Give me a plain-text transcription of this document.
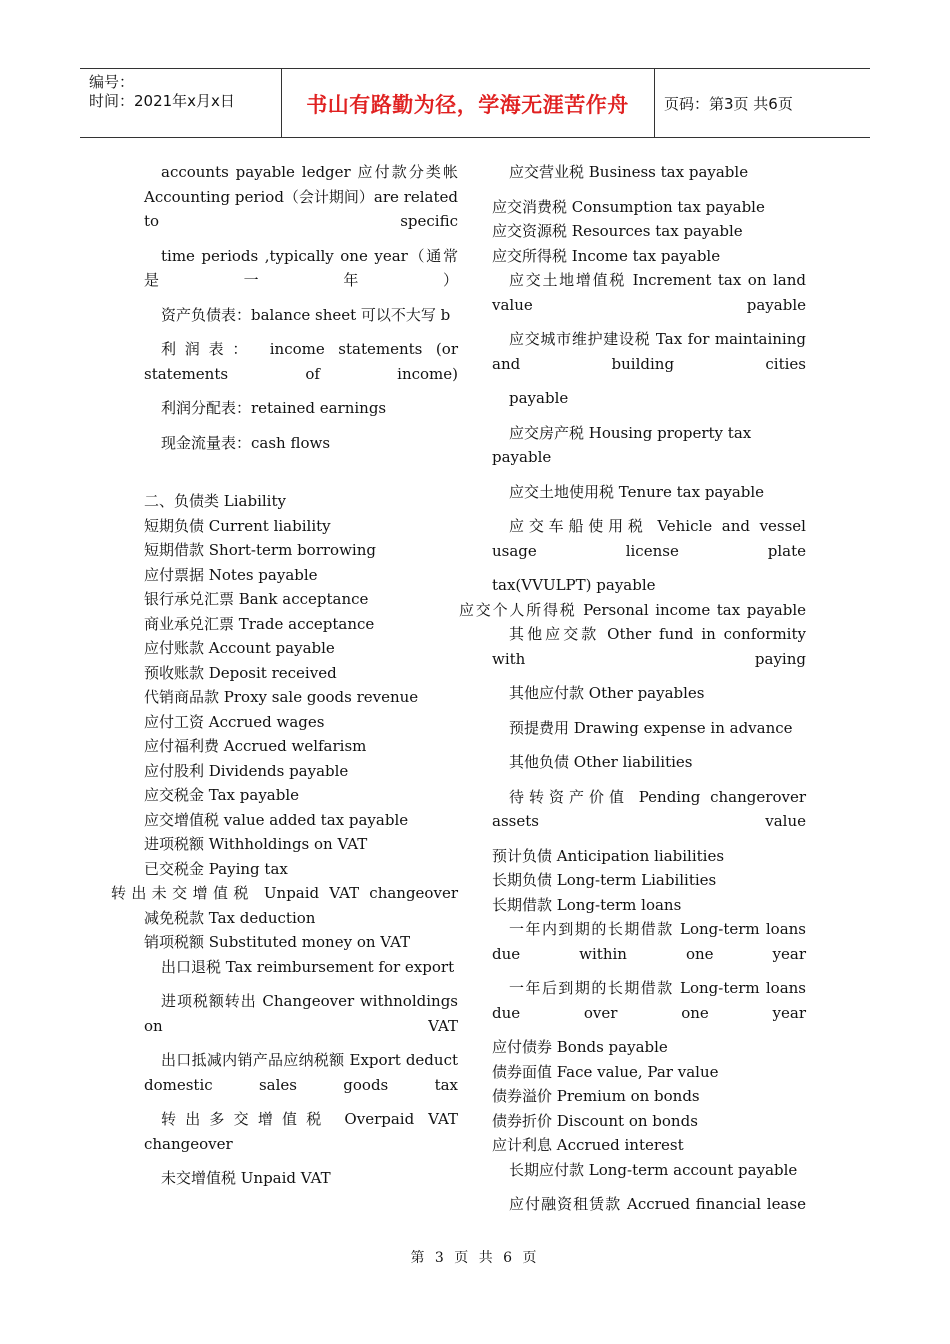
编号：
时间：2021年x月x日	书山有路勤为径，学海无涯苦作舟	页码：第3页 共6页

accounts payable ledger 应付款分类帐 Accounting period（会计期间）are related to specific

time periods ,typically one year（通常是一年）

资产负债表：balance sheet 可以不大写 b

利润表： income statements (or statements of income)

利润分配表：retained earnings

现金流量表：cash flows

二、负债类 Liability

短期负债 Current liability

短期借款 Short-term borrowing

应付票据 Notes payable

银行承兑汇票 Bank acceptance

商业承兑汇票 Trade acceptance

应付账款 Account payable

预收账款 Deposit received

代销商品款 Proxy sale goods revenue

应付工资 Accrued wages

应付福利费 Accrued welfarism

应付股利 Dividends payable

应交税金 Tax payable

应交增值税 value added tax payable

进项税额 Withholdings on VAT

已交税金 Paying tax

转出未交增值税 Unpaid VAT changeover

减免税款 Tax deduction

销项税额 Substituted money on VAT

出口退税 Tax reimbursement for export

进项税额转出 Changeover withnoldings on VAT

出口抵减内销产品应纳税额 Export deduct domestic sales goods tax

转出多交增值税 Overpaid VAT changeover

未交增值税 Unpaid VAT

应交营业税 Business tax payable

应交消费税 Consumption tax payable

应交资源税 Resources tax payable

应交所得税 Income tax payable

应交土地增值税 Increment tax on land value payable

应交城市维护建设税 Tax for maintaining and building cities

payable

应交房产税 Housing property tax payable

应交土地使用税 Tenure tax payable

应交车船使用税 Vehicle and vessel usage license plate

tax(VVULPT) payable

应交个人所得税 Personal income tax payable

其他应交款 Other fund in conformity with paying

其他应付款 Other payables

预提费用 Drawing expense in advance

其他负债 Other liabilities

待转资产价值 Pending changerover assets value

预计负债 Anticipation liabilities

长期负债 Long-term Liabilities

长期借款 Long-term loans

一年内到期的长期借款 Long-term loans due within one year

一年后到期的长期借款 Long-term loans due over one year

应付债券 Bonds payable

债券面值 Face value, Par value

债券溢价 Premium on bonds

债券折价 Discount on bonds

应计利息 Accrued interest

长期应付款 Long-term account payable

应付融资租赁款 Accrued financial lease

第 3 页 共 6 页
